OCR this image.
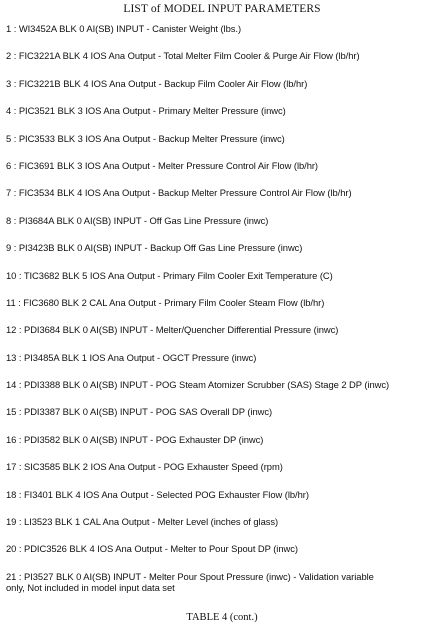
LIST of MODEL INPUT PARAMETERS
1 : WI3452A BLK 0 AI(SB) INPUT - Canister Weight (lbs.)
2 : FIC3221A BLK 4 IOS Ana Output - Total Melter Film Cooler & Purge Air Flow (lb/hr)
3 : FIC3221B BLK 4 IOS Ana Output - Backup Film Cooler Air Flow (lb/hr)
4 : PIC3521 BLK 3 IOS Ana Output - Primary Melter Pressure (inwc)
5 : PIC3533 BLK 3 IOS Ana Output - Backup Melter Pressure (inwc)
6 : FIC3691 BLK 3 IOS Ana Output - Melter Pressure Control Air Flow (lb/hr)
7 : FIC3534 BLK 4 IOS Ana Output - Backup Melter Pressure Control Air Flow (lb/hr)
8 : PI3684A BLK 0 AI(SB) INPUT - Off Gas Line Pressure (inwc)
9 : PI3423B BLK 0 AI(SB) INPUT - Backup Off Gas Line Pressure (inwc)
10 : TIC3682 BLK 5 IOS Ana Output - Primary Film Cooler Exit Temperature (C)
11 : FIC3680 BLK 2 CAL Ana Output - Primary Film Cooler Steam Flow (lb/hr)
12 : PDI3684 BLK 0 AI(SB) INPUT - Melter/Quencher Differential Pressure (inwc)
13 : PI3485A BLK 1 IOS Ana Output - OGCT Pressure (inwc)
14 : PDI3388 BLK 0 AI(SB) INPUT - POG Steam Atomizer Scrubber (SAS) Stage 2 DP (inwc)
15 : PDI3387 BLK 0 AI(SB) INPUT - POG SAS Overall DP (inwc)
16 : PDI3582 BLK 0 AI(SB) INPUT - POG Exhauster DP (inwc)
17 : SIC3585 BLK 2 IOS Ana Output - POG Exhauster Speed (rpm)
18 : FI3401 BLK 4 IOS Ana Output - Selected POG Exhauster Flow (lb/hr)
19 : LI3523 BLK 1 CAL Ana Output - Melter Level (inches of glass)
20 : PDIC3526 BLK 4 IOS Ana Output - Melter to Pour Spout DP (inwc)
21 : PI3527 BLK 0 AI(SB) INPUT - Melter Pour Spout Pressure (inwc) - Validation variable
only, Not included in model input data set
TABLE 4 (cont.)
